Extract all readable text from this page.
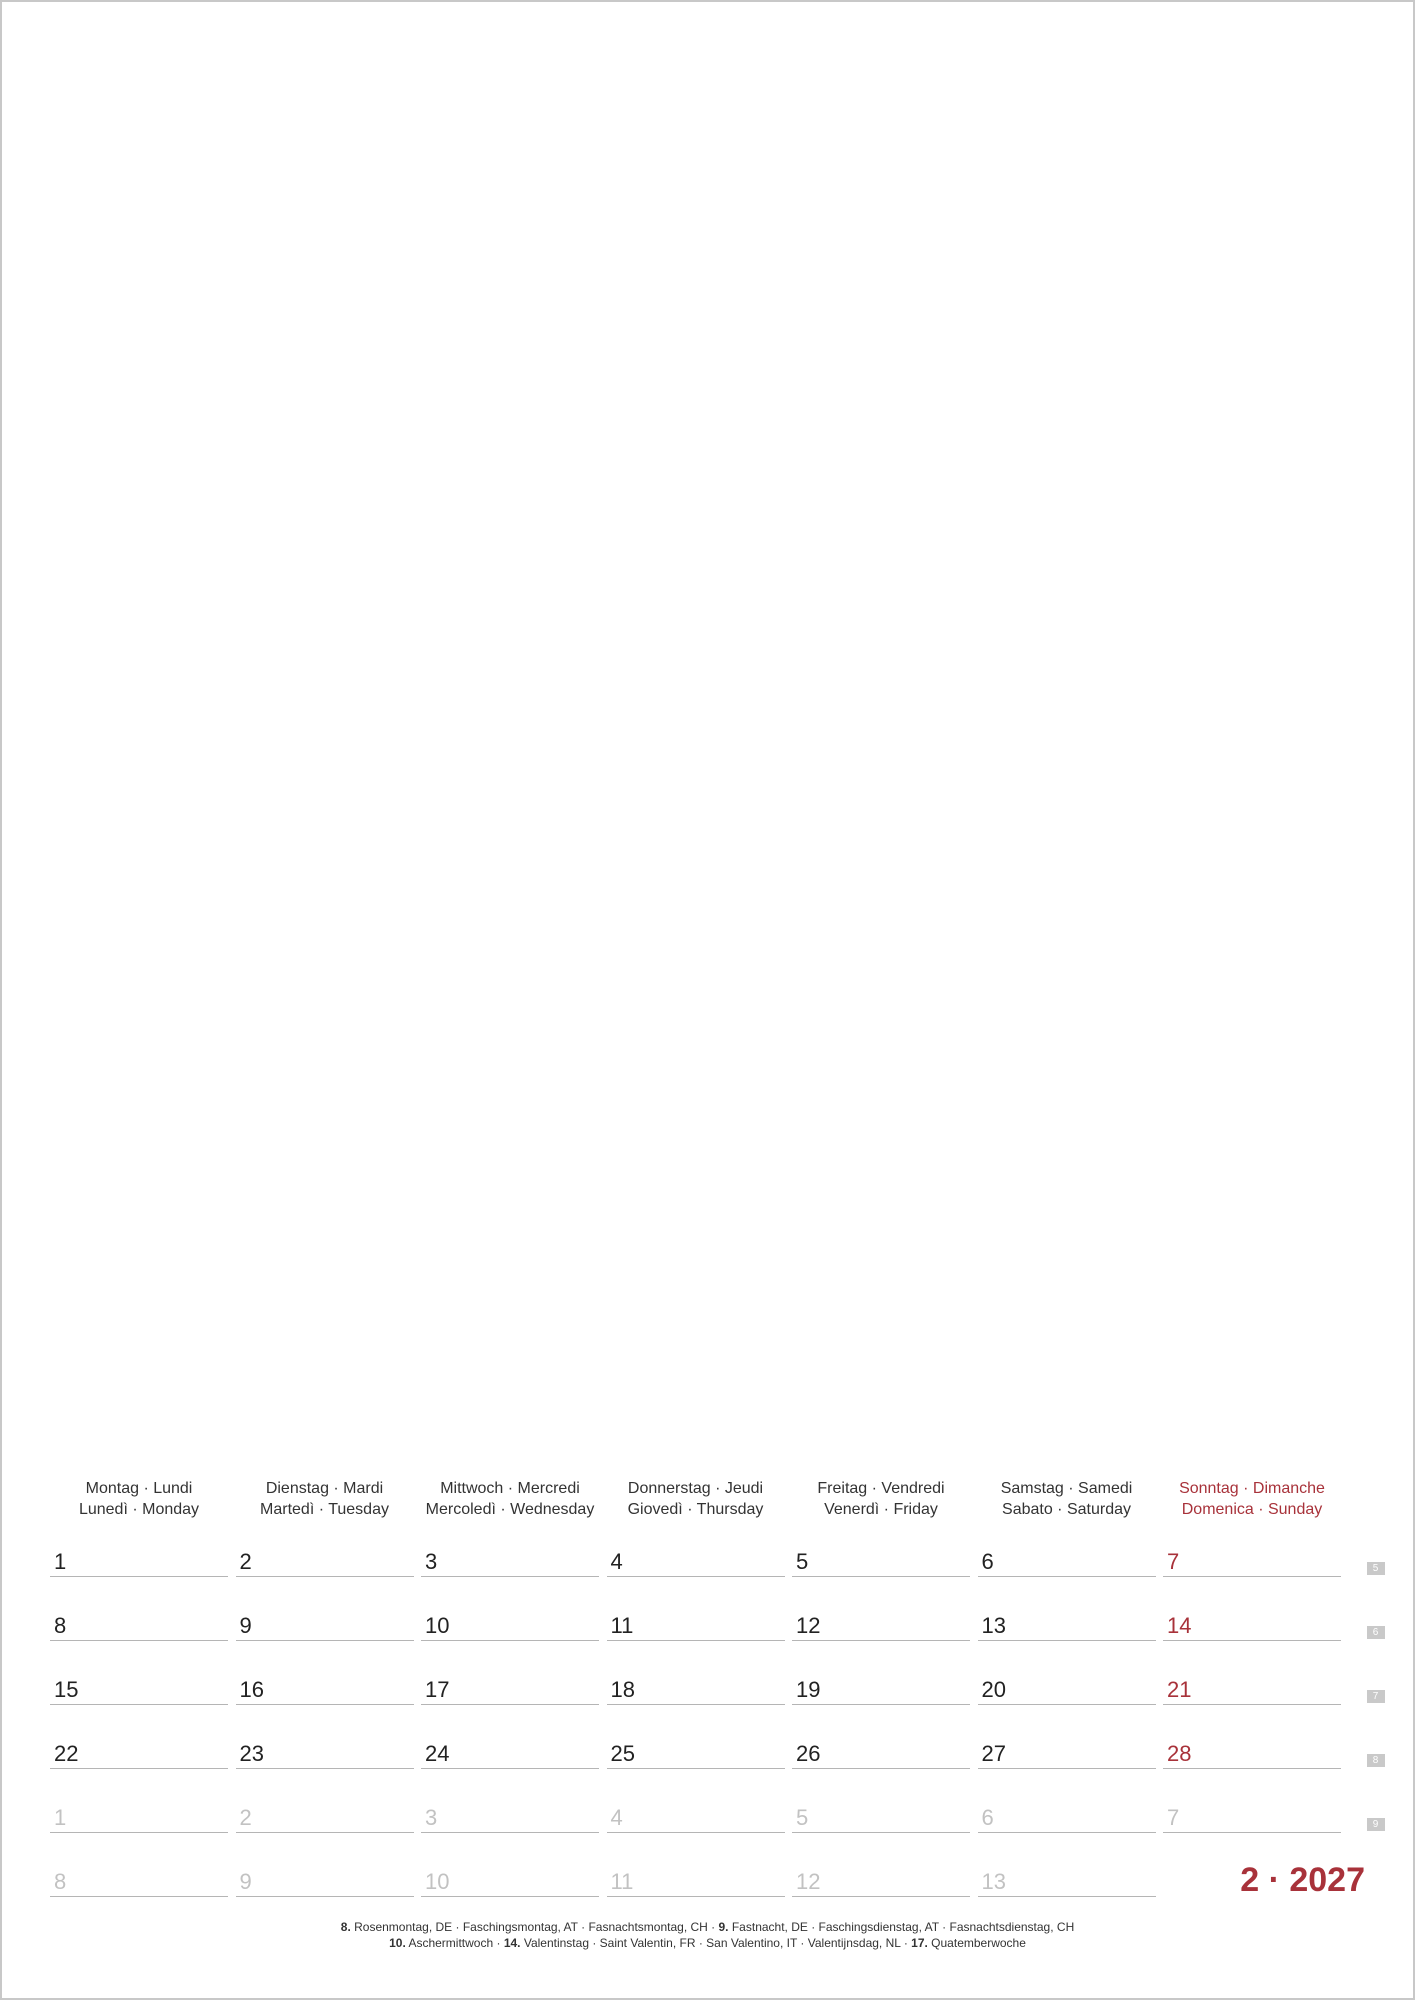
Montag · Lundi
Lunedì · Monday
Dienstag · Mardi
Martedì · Tuesday
Mittwoch · Mercredi
Mercoledì · Wednesday
Donnerstag · Jeudi
Giovedì · Thursday
Freitag · Vendredi
Venerdì · Friday
Samstag · Samedi
Sabato · Saturday
Sonntag · Dimanche
Domenica · Sunday
1	2	3	4	5	6	7	5
8	9	10	11	12	13	14	6
15	16	17	18	19	20	21	7
22	23	24	25	26	27	28	8
1	2	3	4	5	6	7	9
8	9	10	11	12	13	2 · 2027
8. Rosenmontag, DE · Faschingsmontag, AT · Fasnachtsmontag, CH · 9. Fastnacht, DE · Faschingsdienstag, AT · Fasnachtsdienstag, CH
10. Aschermittwoch · 14. Valentinstag · Saint Valentin, FR · San Valentino, IT · Valentijnsdag, NL · 17. Quatemberwoche
